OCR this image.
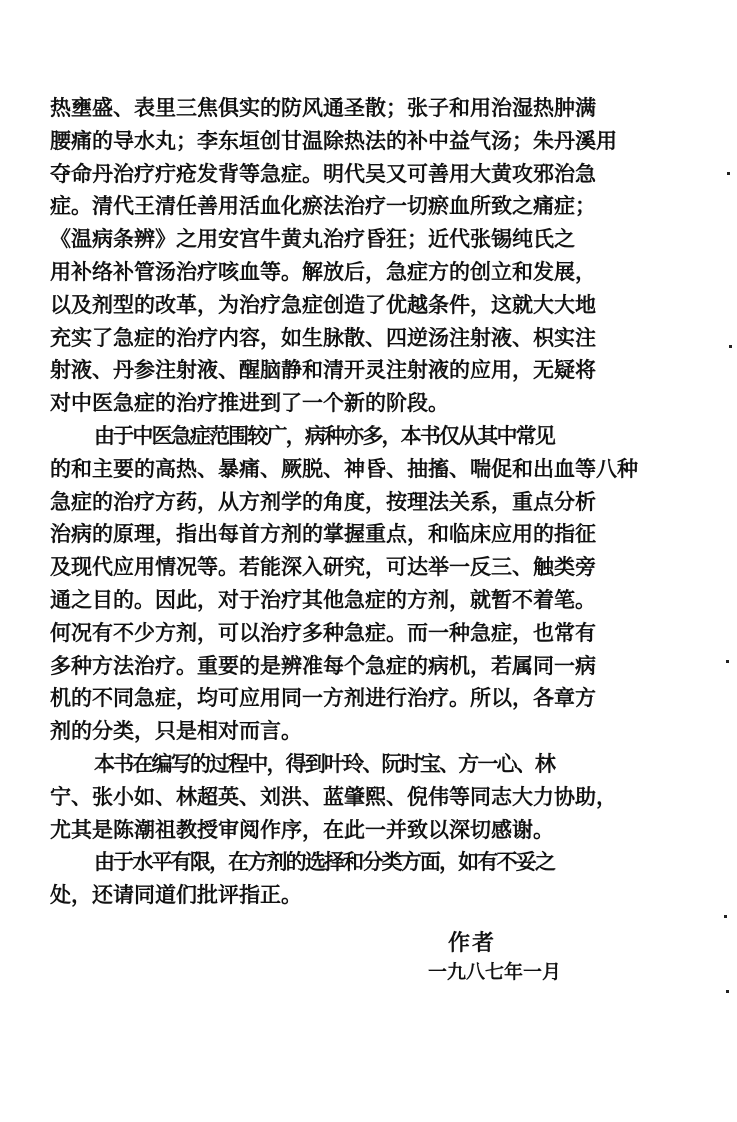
热壅盛、表里三焦俱实的防风通圣散；张子和用治湿热肿满
腰痛的导水丸；李东垣创甘温除热法的补中益气汤；朱丹溪用
夺命丹治疗疔疮发背等急症。明代吴又可善用大黄攻邪治急
症。清代王清任善用活血化瘀法治疗一切瘀血所致之痛症；
《温病条辨》之用安宫牛黄丸治疗昏狂；近代张锡纯氏之
用补络补管汤治疗咳血等。解放后，急症方的创立和发展，
以及剂型的改革，为治疗急症创造了优越条件，这就大大地
充实了急症的治疗内容，如生脉散、四逆汤注射液、枳实注
射液、丹参注射液、醒脑静和清开灵注射液的应用，无疑将
对中医急症的治疗推进到了一个新的阶段。
由于中医急症范围较广，病种亦多，本书仅从其中常见
的和主要的高热、暴痛、厥脱、神昏、抽搐、喘促和出血等八种
急症的治疗方药，从方剂学的角度，按理法关系，重点分析
治病的原理，指出每首方剂的掌握重点，和临床应用的指征
及现代应用情况等。若能深入研究，可达举一反三、触类旁
通之目的。因此，对于治疗其他急症的方剂，就暂不着笔。
何况有不少方剂，可以治疗多种急症。而一种急症，也常有
多种方法治疗。重要的是辨准每个急症的病机，若属同一病
机的不同急症，均可应用同一方剂进行治疗。所以，各章方
剂的分类，只是相对而言。
本书在编写的过程中，得到叶玲、阮时宝、方一心、林
宁、张小如、林超英、刘洪、蓝肇熙、倪伟等同志大力协助，
尤其是陈潮祖教授审阅作序，在此一并致以深切感谢。
由于水平有限，在方剂的选择和分类方面，如有不妥之
处，还请同道们批评指正。
作者
一九八七年一月
